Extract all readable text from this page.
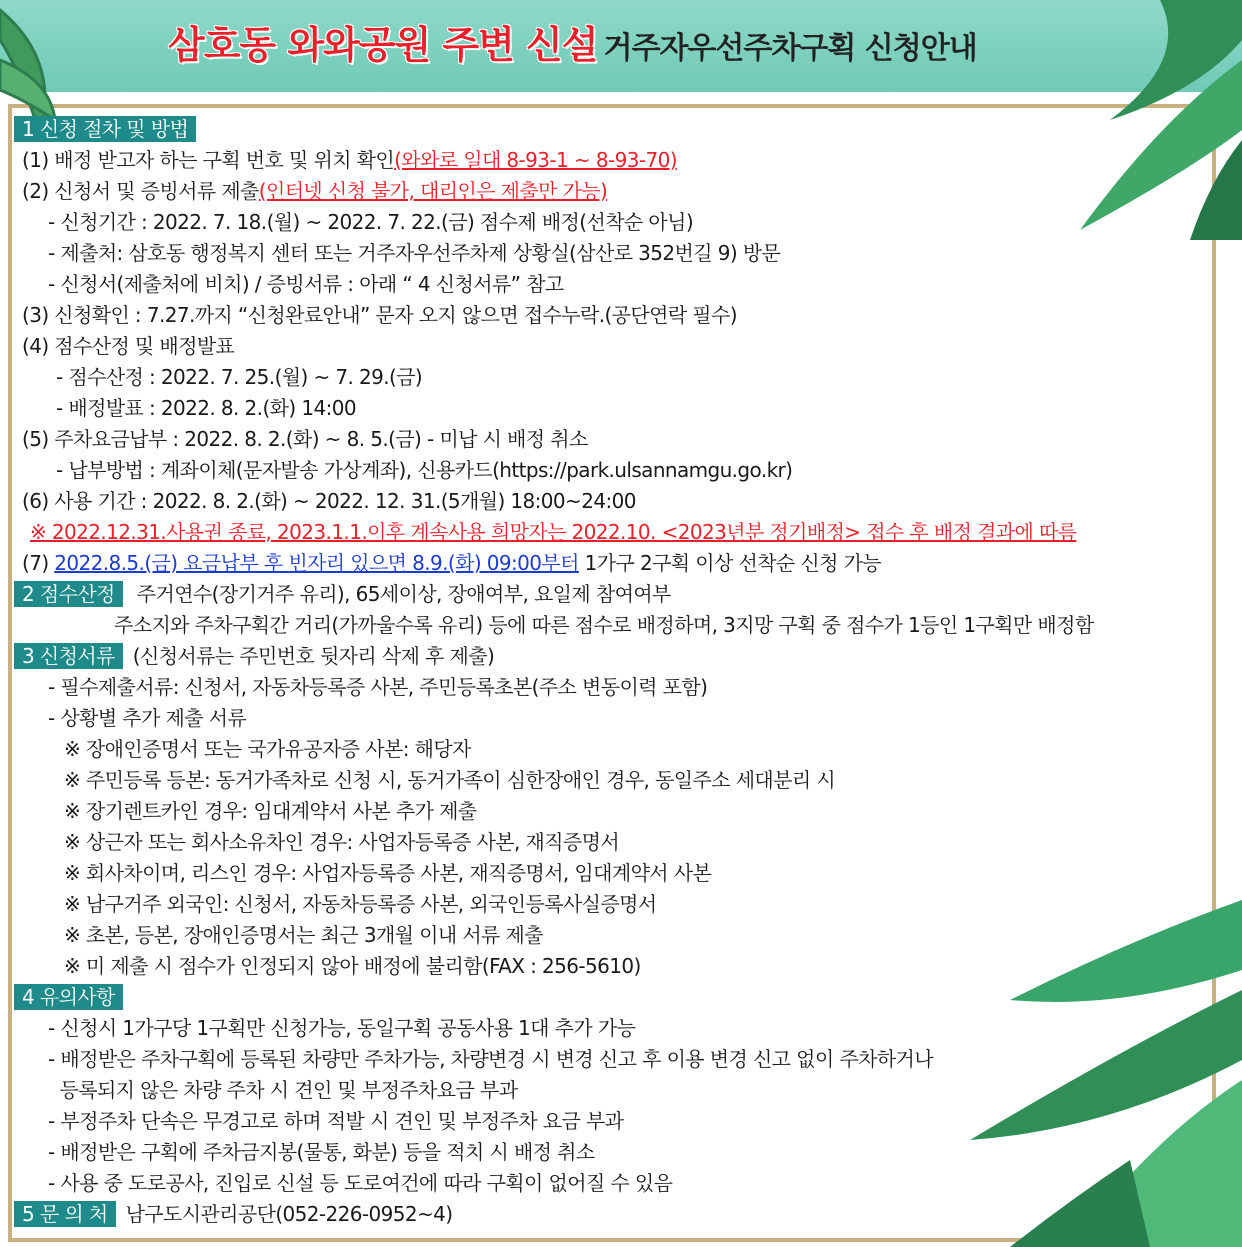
삼호동 와와공원 주변 신설 거주자우선주차구획 신청안내
1 신청 절차 및 방법
(1) 배정 받고자 하는 구획 번호 및 위치 확인(와와로 일대 8-93-1 ~ 8-93-70)
(2) 신청서 및 증빙서류 제출(인터넷 신청 불가, 대리인은 제출만 가능)
- 신청기간 : 2022. 7. 18.(월) ~ 2022. 7. 22.(금) 점수제 배정(선착순 아님)
- 제출처: 삼호동 행정복지 센터 또는 거주자우선주차제 상황실(삼산로 352번길 9) 방문
- 신청서(제출처에 비치) / 증빙서류 : 아래 “ 4 신청서류” 참고
(3) 신청확인 : 7.27.까지 “신청완료안내” 문자 오지 않으면 접수누락.(공단연락 필수)
(4) 점수산정 및 배정발표
- 점수산정 : 2022. 7. 25.(월) ~ 7. 29.(금)
- 배정발표 : 2022. 8. 2.(화) 14:00
(5) 주차요금납부 : 2022. 8. 2.(화) ~ 8. 5.(금) - 미납 시 배정 취소
- 납부방법 : 계좌이체(문자발송 가상계좌), 신용카드(https://park.ulsannamgu.go.kr)
(6) 사용 기간 : 2022. 8. 2.(화) ~ 2022. 12. 31.(5개월) 18:00~24:00
※ 2022.12.31.사용권 종료, 2023.1.1.이후 계속사용 희망자는 2022.10. <2023년분 정기배정> 접수 후 배정 결과에 따름
(7) 2022.8.5.(금) 요금납부 후 빈자리 있으면 8.9.(화) 09:00부터 1가구 2구획 이상 선착순 신청 가능
2 점수산정 주거연수(장기거주 유리), 65세이상, 장애여부, 요일제 참여여부
주소지와 주차구획간 거리(가까울수록 유리) 등에 따른 점수로 배정하며, 3지망 구획 중 점수가 1등인 1구획만 배정함
3 신청서류 (신청서류는 주민번호 뒷자리 삭제 후 제출)
- 필수제출서류: 신청서, 자동차등록증 사본, 주민등록초본(주소 변동이력 포함)
- 상황별 추가 제출 서류
※ 장애인증명서 또는 국가유공자증 사본: 해당자
※ 주민등록 등본: 동거가족차로 신청 시, 동거가족이 심한장애인 경우, 동일주소 세대분리 시
※ 장기렌트카인 경우: 임대계약서 사본 추가 제출
※ 상근자 또는 회사소유차인 경우: 사업자등록증 사본, 재직증명서
※ 회사차이며, 리스인 경우: 사업자등록증 사본, 재직증명서, 임대계약서 사본
※ 남구거주 외국인: 신청서, 자동차등록증 사본, 외국인등록사실증명서
※ 초본, 등본, 장애인증명서는 최근 3개월 이내 서류 제출
※ 미 제출 시 점수가 인정되지 않아 배정에 불리함(FAX : 256-5610)
4 유의사항
- 신청시 1가구당 1구획만 신청가능, 동일구획 공동사용 1대 추가 가능
- 배정받은 주차구획에 등록된 차량만 주차가능, 차량변경 시 변경 신고 후 이용 변경 신고 없이 주차하거나
등록되지 않은 차량 주차 시 견인 및 부정주차요금 부과
- 부정주차 단속은 무경고로 하며 적발 시 견인 및 부정주차 요금 부과
- 배정받은 구획에 주차금지봉(물통, 화분) 등을 적치 시 배정 취소
- 사용 중 도로공사, 진입로 신설 등 도로여건에 따라 구획이 없어질 수 있음
5 문 의 처 남구도시관리공단(052-226-0952~4)
